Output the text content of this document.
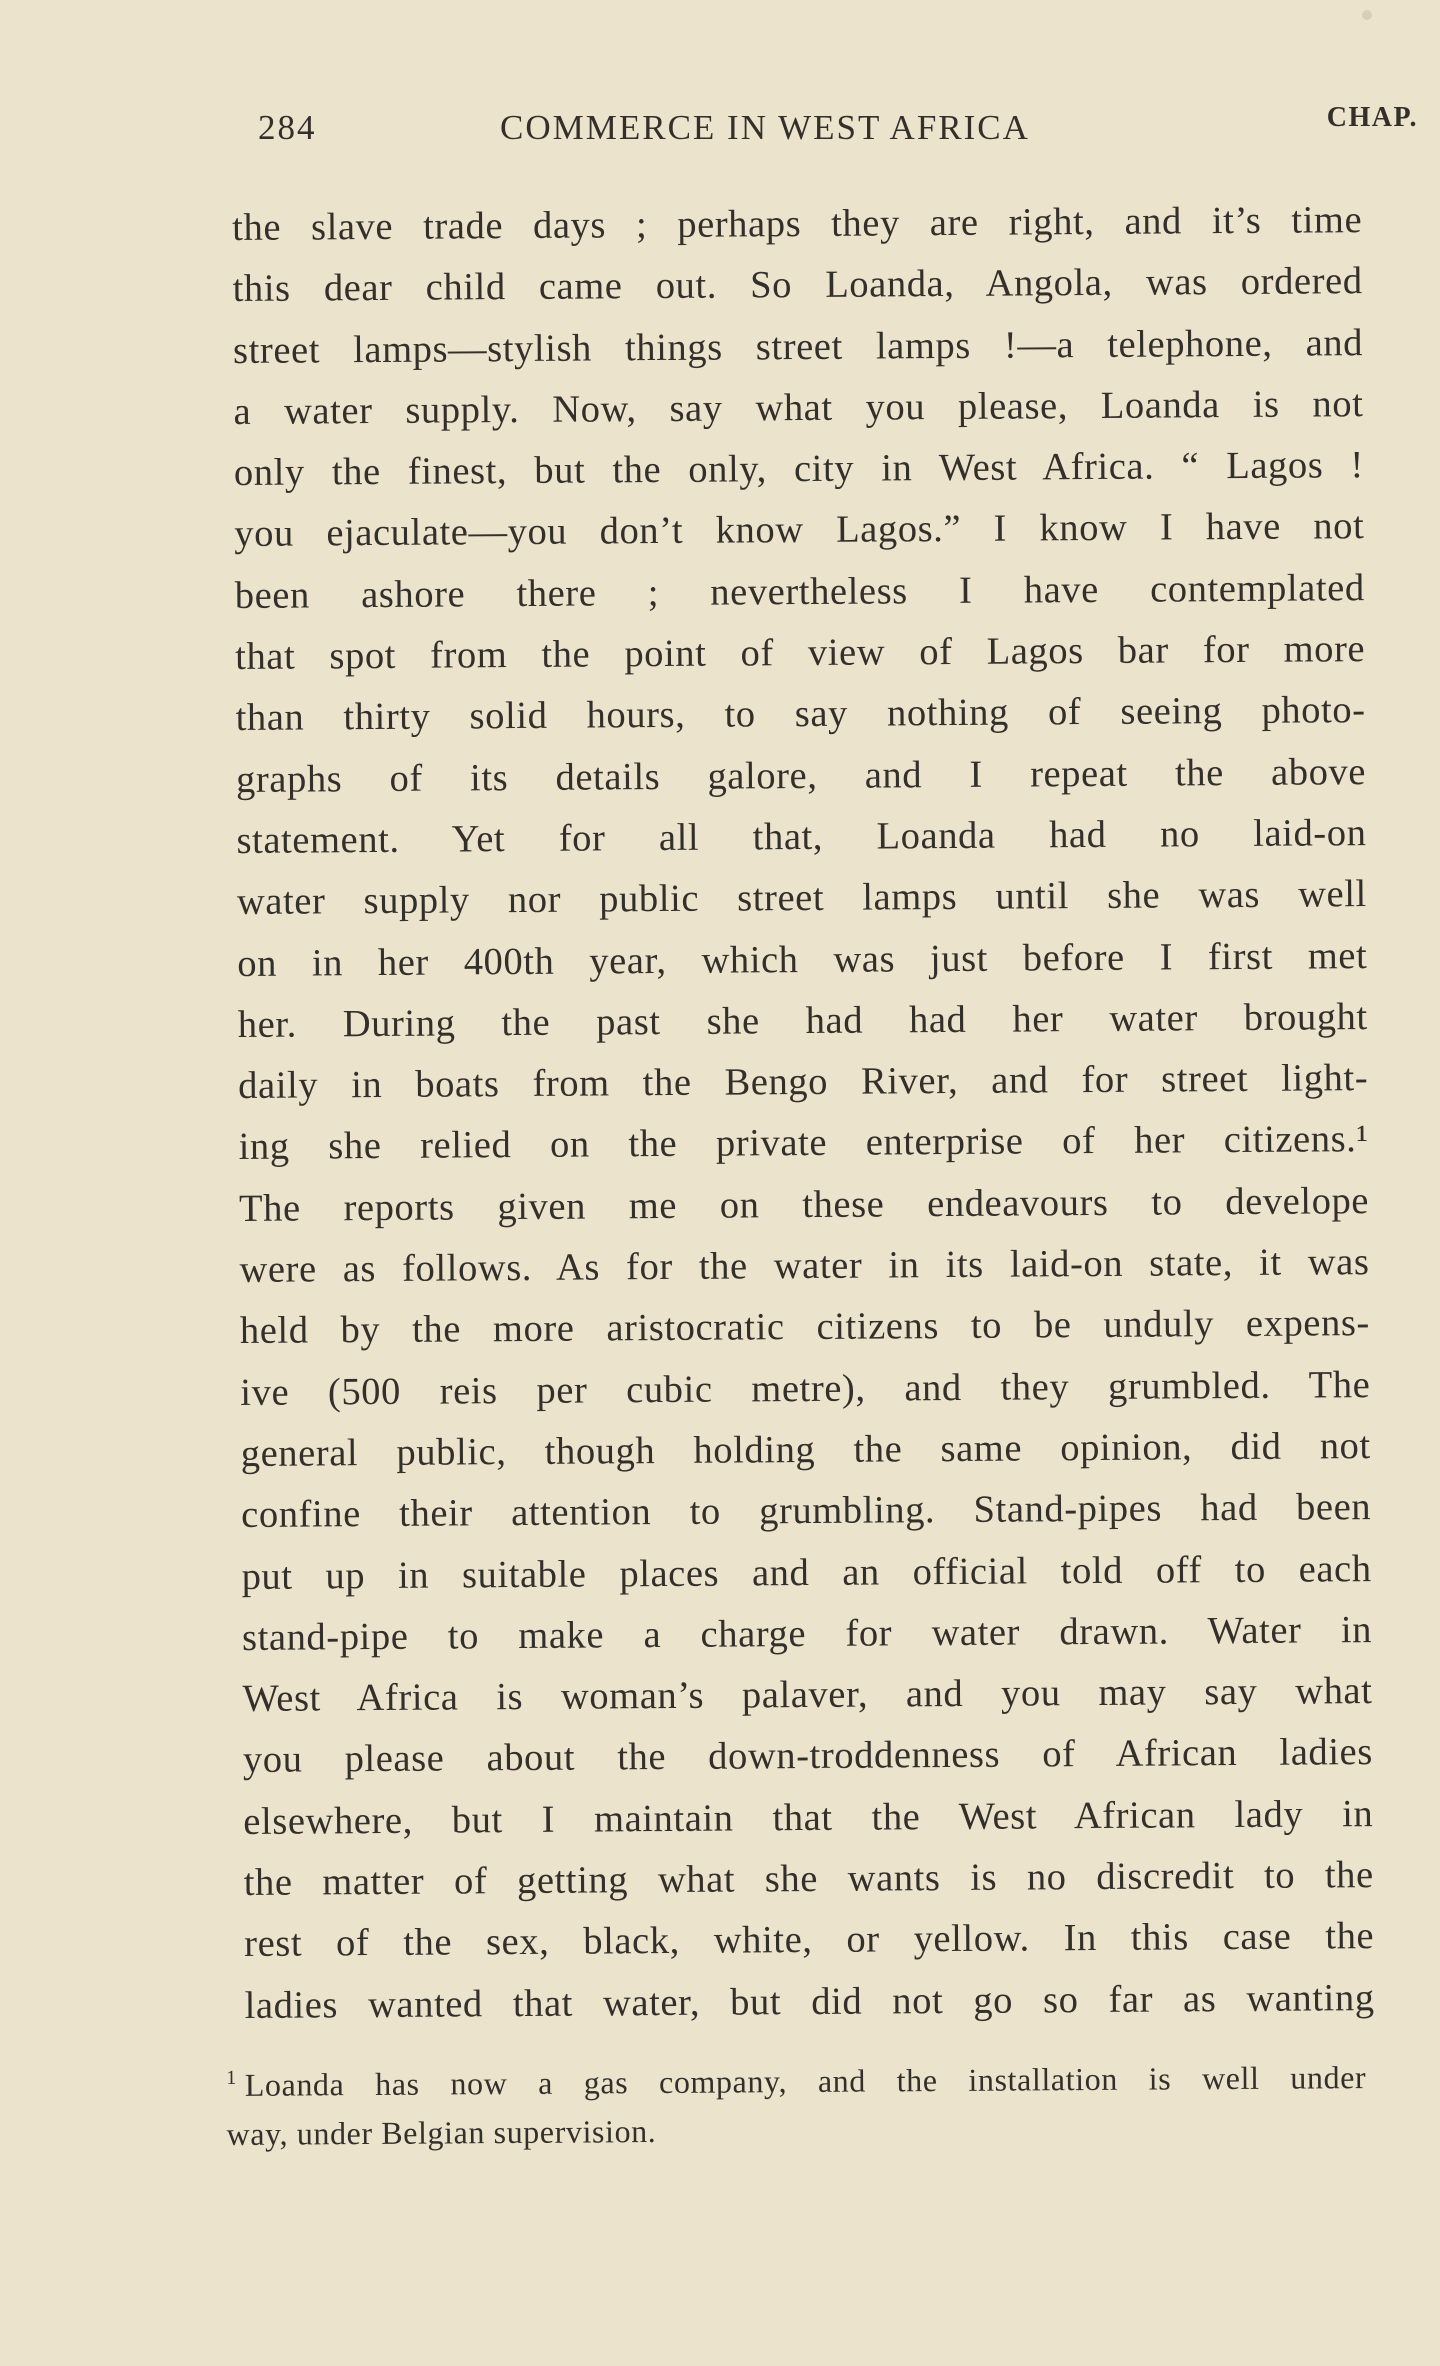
284	COMMERCE IN WEST AFRICA	CHAP.
the slave trade days ; perhaps they are right, and it’s time
this dear child came out. So Loanda, Angola, was ordered
street lamps—stylish things street lamps !—a telephone, and
a water supply. Now, say what you please, Loanda is not
only the finest, but the only, city in West Africa. “ Lagos !
you ejaculate—you don’t know Lagos.” I know I have not
been ashore there ; nevertheless I have contemplated
that spot from the point of view of Lagos bar for more
than thirty solid hours, to say nothing of seeing photo-
graphs of its details galore, and I repeat the above
statement. Yet for all that, Loanda had no laid-on
water supply nor public street lamps until she was well
on in her 400th year, which was just before I first met
her. During the past she had had her water brought
daily in boats from the Bengo River, and for street light-
ing she relied on the private enterprise of her citizens.¹
The reports given me on these endeavours to develope
were as follows. As for the water in its laid-on state, it was
held by the more aristocratic citizens to be unduly expens-
ive (500 reis per cubic metre), and they grumbled. The
general public, though holding the same opinion, did not
confine their attention to grumbling. Stand-pipes had been
put up in suitable places and an official told off to each
stand-pipe to make a charge for water drawn. Water in
West Africa is woman’s palaver, and you may say what
you please about the down-troddenness of African ladies
elsewhere, but I maintain that the West African lady in
the matter of getting what she wants is no discredit to the
rest of the sex, black, white, or yellow. In this case the
ladies wanted that water, but did not go so far as wanting
$^1$ Loanda has now a gas company, and the installation is well under
way, under Belgian supervision.
